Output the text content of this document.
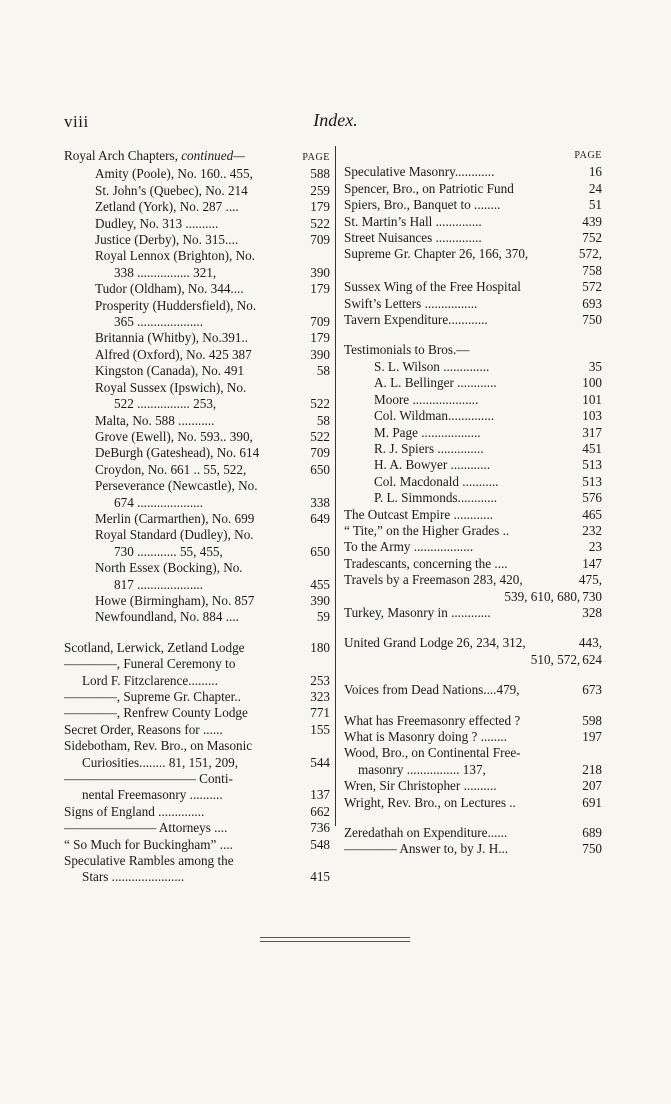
viii	Index.
Royal Arch Chapters, continued—	PAGE
Amity (Poole), No. 160.. 455,	588
St. John’s (Quebec), No. 214	259
Zetland (York), No. 287 ....	179
Dudley, No. 313 ..........	522
Justice (Derby), No. 315....	709
Royal Lennox (Brighton), No.
338 ................ 321,	390
Tudor (Oldham), No. 344....	179
Prosperity (Huddersfield), No.
365 ....................	709
Britannia (Whitby), No.391..	179
Alfred (Oxford), No. 425 387	390
Kingston (Canada), No. 491	58
Royal Sussex (Ipswich), No.
522 ................ 253,	522
Malta, No. 588 ...........	58
Grove (Ewell), No. 593.. 390,	522
DeBurgh (Gateshead), No. 614	709
Croydon, No. 661 .. 55, 522,	650
Perseverance (Newcastle), No.
674 ....................	338
Merlin (Carmarthen), No. 699	649
Royal Standard (Dudley), No.
730 ............ 55, 455,	650
North Essex (Bocking), No.
817 ....................	455
Howe (Birmingham), No. 857	390
Newfoundland, No. 884 ....	59
Scotland, Lerwick, Zetland Lodge	180
————, Funeral Ceremony to
Lord F. Fitzclarence.........	253
————, Supreme Gr. Chapter..	323
————, Renfrew County Lodge	771
Secret Order, Reasons for ......	155
Sidebotham, Rev. Bro., on Masonic
Curiosities........ 81, 151, 209,	544
—————————— Conti-
nental Freemasonry ..........	137
Signs of England ..............	662
——————— Attorneys ....	736
“ So Much for Buckingham” ....	548
Speculative Rambles among the
Stars ......................	415
PAGE
Speculative Masonry............	16
Spencer, Bro., on Patriotic Fund	24
Spiers, Bro., Banquet to ........	51
St. Martin’s Hall ..............	439
Street Nuisances ..............	752
Supreme Gr. Chapter 26, 166, 370,	572,
758
Sussex Wing of the Free Hospital	572
Swift’s Letters ................	693
Tavern Expenditure............	750
Testimonials to Bros.—
S. L. Wilson ..............	35
A. L. Bellinger ............	100
Moore ....................	101
Col. Wildman..............	103
M. Page ..................	317
R. J. Spiers ..............	451
H. A. Bowyer ............	513
Col. Macdonald ...........	513
P. L. Simmonds............	576
The Outcast Empire ............	465
“ Tite,” on the Higher Grades ..	232
To the Army ..................	23
Tradescants, concerning the ....	147
Travels by a Freemason 283, 420,	475,
539, 610, 680, 730
Turkey, Masonry in ............	328
United Grand Lodge 26, 234, 312,	443,
510, 572, 624
Voices from Dead Nations....479,	673
What has Freemasonry effected ?	598
What is Masonry doing ? ........	197
Wood, Bro., on Continental Free-
masonry ................ 137,	218
Wren, Sir Christopher ..........	207
Wright, Rev. Bro., on Lectures ..	691
Zeredathah on Expenditure......	689
———— Answer to, by J. H...	750
